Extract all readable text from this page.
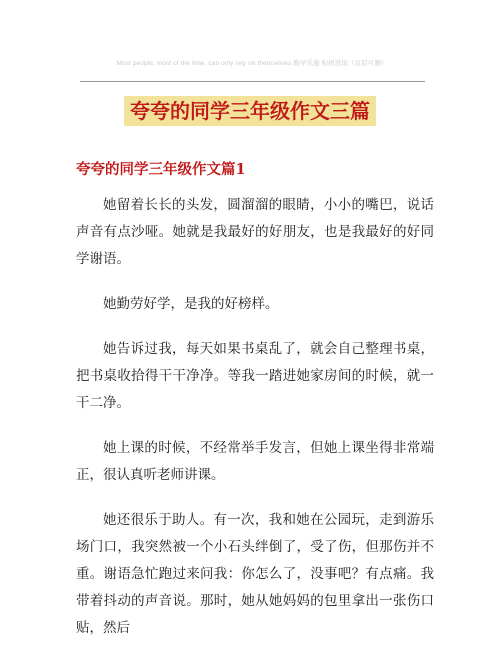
Most people, most of the time, can only rely on themselves.勤学乐施 积极进取（页眉可删）
夸夸的同学三年级作文三篇
夸夸的同学三年级作文篇1

她留着长长的头发，圆溜溜的眼睛，小小的嘴巴，说话声音有点沙哑。她就是我最好的好朋友，也是我最好的好同学谢语。

她勤劳好学，是我的好榜样。

她告诉过我，每天如果书桌乱了，就会自己整理书桌，把书桌收拾得干干净净。等我一踏进她家房间的时候，就一干二净。

她上课的时候，不经常举手发言，但她上课坐得非常端正，很认真听老师讲课。

她还很乐于助人。有一次，我和她在公园玩，走到游乐场门口，我突然被一个小石头绊倒了，受了伤，但那伤并不重。谢语急忙跑过来问我：你怎么了，没事吧？有点痛。我带着抖动的声音说。那时，她从她妈妈的包里拿出一张伤口贴，然后
